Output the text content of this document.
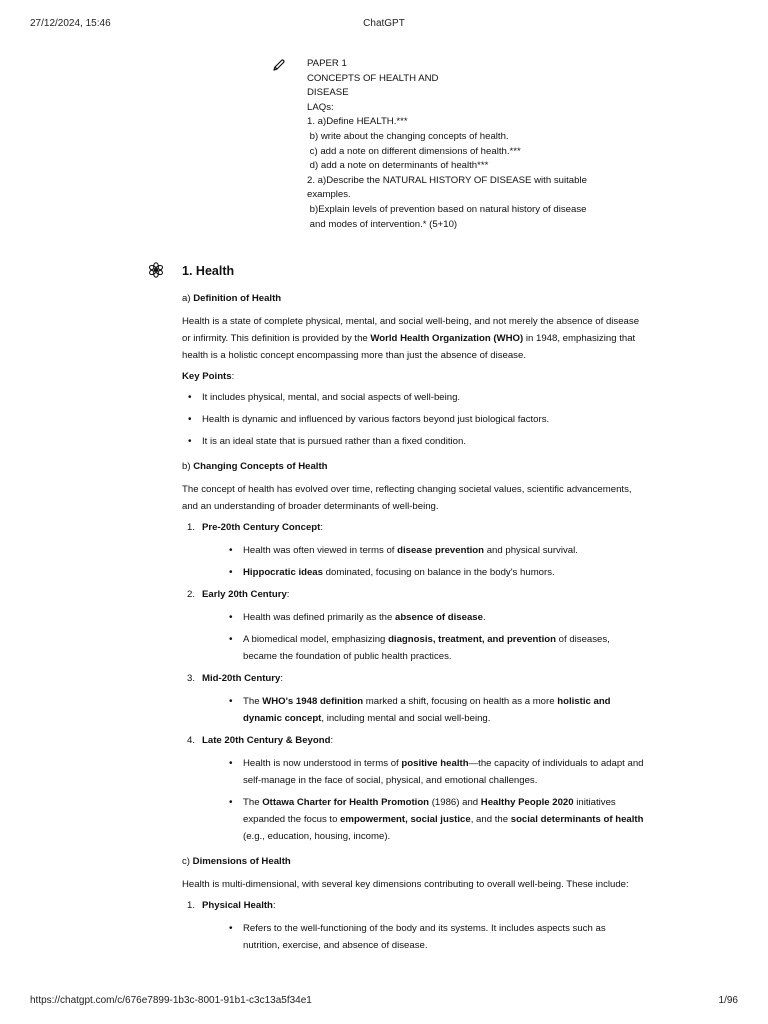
27/12/2024, 15:46	ChatGPT
PAPER 1
CONCEPTS OF HEALTH AND
DISEASE
LAQs:
1. a)Define HEALTH.***
b) write about the changing concepts of health.
c) add a note on different dimensions of health.***
d) add a note on determinants of health***
2. a)Describe the NATURAL HISTORY OF DISEASE with suitable
examples.
b)Explain levels of prevention based on natural history of disease
and modes of intervention.* (5+10)
1. Health
a) Definition of Health

Health is a state of complete physical, mental, and social well-being, and not merely the absence of disease or infirmity. This definition is provided by the World Health Organization (WHO) in 1948, emphasizing that health is a holistic concept encompassing more than just the absence of disease.

Key Points:

• It includes physical, mental, and social aspects of well-being.
• Health is dynamic and influenced by various factors beyond just biological factors.
• It is an ideal state that is pursued rather than a fixed condition.
b) Changing Concepts of Health

The concept of health has evolved over time, reflecting changing societal values, scientific advancements, and an understanding of broader determinants of well-being.

1. Pre-20th Century Concept:
• Health was often viewed in terms of disease prevention and physical survival.
• Hippocratic ideas dominated, focusing on balance in the body's humors.
2. Early 20th Century:
• Health was defined primarily as the absence of disease.
• A biomedical model, emphasizing diagnosis, treatment, and prevention of diseases, became the foundation of public health practices.
3. Mid-20th Century:
• The WHO's 1948 definition marked a shift, focusing on health as a more holistic and dynamic concept, including mental and social well-being.
4. Late 20th Century & Beyond:
• Health is now understood in terms of positive health—the capacity of individuals to adapt and self-manage in the face of social, physical, and emotional challenges.
• The Ottawa Charter for Health Promotion (1986) and Healthy People 2020 initiatives expanded the focus to empowerment, social justice, and the social determinants of health (e.g., education, housing, income).
c) Dimensions of Health

Health is multi-dimensional, with several key dimensions contributing to overall well-being. These include:

1. Physical Health:
• Refers to the well-functioning of the body and its systems. It includes aspects such as nutrition, exercise, and absence of disease.
https://chatgpt.com/c/676e7899-1b3c-8001-91b1-c3c13a5f34e1	1/96
